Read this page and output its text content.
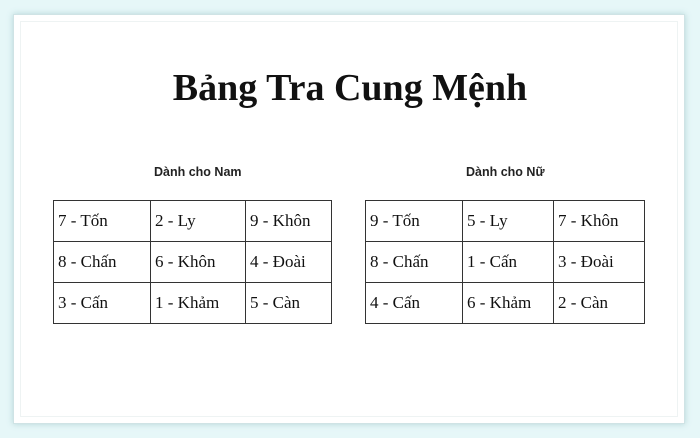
Bảng Tra Cung Mệnh
Dành cho Nam
7 - Tốn	2 - Ly	9 - Khôn
8 - Chấn	6 - Khôn	4 - Đoài
3 - Cấn	1 - Khảm	5 - Càn
Dành cho Nữ
9 - Tốn	5 - Ly	7 - Khôn
8 - Chấn	1 - Cấn	3 - Đoài
4 - Cấn	6 - Khảm	2 - Càn
